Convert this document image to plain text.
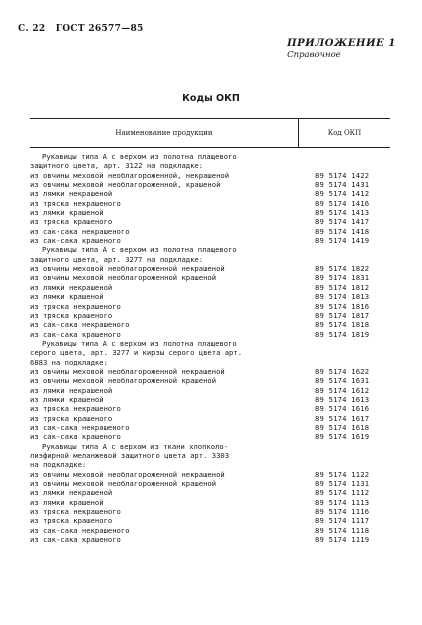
С. 22 ГОСТ 26577—85
ПРИЛОЖЕНИЕ 1
Справочное
Коды ОКП
Наименование продукции	Код ОКП
Рукавицы типа А с верхом из полотна плащевого
защитного цвета, арт. 3122 на подкладке:
из овчины меховой необлагороженной, некрашеной	89 5174 1422
из овчины меховой необлагороженной, крашеной	89 5174 1431
из лямки некрашеной	89 5174 1412
из тряска некрашеного	89 5174 1416
из лямки крашеной	89 5174 1413
из тряска крашеного	89 5174 1417
из сак-сака некрашеного	89 5174 1418
из сак-сака крашеного	89 5174 1419
Рукавицы типа А с верхом из полотна плащевого
защитного цвета, арт. 3277 на подкладке:
из овчины меховой необлагороженной некрашеной	89 5174 1822
из овчины меховой необлагороженной крашеной	89 5174 1831
из лямки некрашеной	89 5174 1812
из лямки крашеной	89 5174 1813
из тряска некрашеного	89 5174 1816
из тряска крашеного	89 5174 1817
из сак-сака некрашеного	89 5174 1818
из сак-сака крашеного	89 5174 1819
Рукавицы типа А с верхом из полотна плащевого
серого цвета, арт. 3277 и кирзы серого цвета арт.
6883 на подкладке:
из овчины меховой необлагороженной некрашеной	89 5174 1622
из овчины меховой необлагороженной крашеной	89 5174 1631
из лямки некрашеной	89 5174 1612
из лямки крашеной	89 5174 1613
из тряска некрашеного	89 5174 1616
из тряска крашеного	89 5174 1617
из сак-сака некрашеного	89 5174 1618
из сак-сака крашеного	89 5174 1619
Рукавицы типа А с верхом из ткани хлопколо-
лиэфирной меланжевой защитного цвета арт. 3303
на подкладке:
из овчины меховой необлагороженной некрашеной	89 5174 1122
из овчины меховой необлагороженной крашеной	89 5174 1131
из лямки некрашеной	89 5174 1112
из лямки крашеной	89 5174 1113
из тряска некрашеного	89 5174 1116
из тряска крашеного	89 5174 1117
из сак-сака некрашеного	89 5174 1118
из сак-сака крашеного	89 5174 1119
